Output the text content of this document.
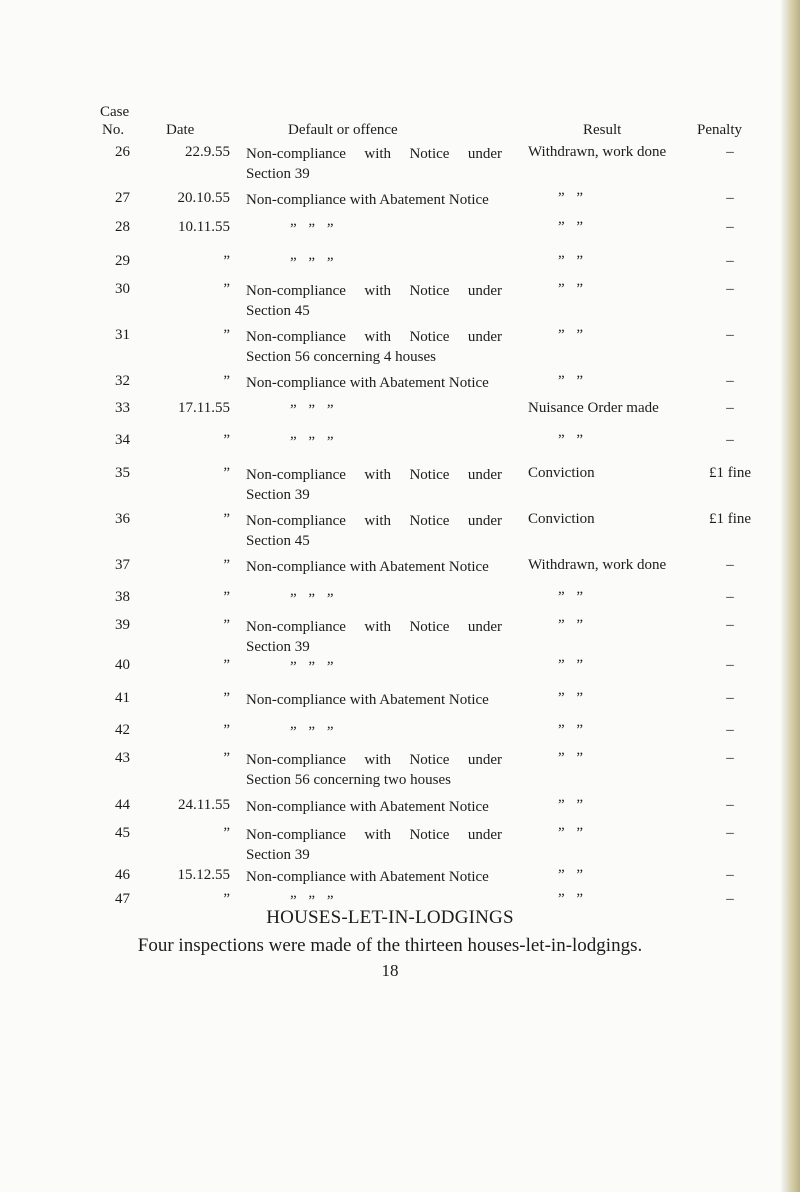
Case
No.	Date	Default or offence	Result	Penalty
26	22.9.55 Non-compliance with Notice under
Section 39
Withdrawn, work done	–
27	20.10.55 Non-compliance with Abatement Notice	” ”	–
28	10.11.55	” ” ”	” ”	–
29	”	” ” ”	” ”	–
30	” Non-compliance with Notice under
Section 45
” ”	–
31	” Non-compliance with Notice under
Section 56 concerning 4 houses
” ”	–
32	” Non-compliance with Abatement Notice	” ”	–
33	17.11.55	” ” ”	Nuisance Order made	–
34	”	” ” ”	” ”	–
35	” Non-compliance with Notice under
Section 39
Conviction	£1 fine
36	” Non-compliance with Notice under
Section 45
Conviction	£1 fine
37	” Non-compliance with Abatement Notice	Withdrawn, work done	–
38	”	” ” ”	” ”	–
39	” Non-compliance with Notice under
Section 39
” ”	–
40	”	” ” ”	” ”	–
41	” Non-compliance with Abatement Notice	” ”	–
42	”	” ” ”	” ”	–
43	” Non-compliance with Notice under
Section 56 concerning two houses
” ”	–
44	24.11.55 Non-compliance with Abatement Notice	” ”	–
45	” Non-compliance with Notice under
Section 39
” ”	–
46	15.12.55 Non-compliance with Abatement Notice	” ”	–
47	”	” ” ”	” ”	–
HOUSES-LET-IN-LODGINGS
Four inspections were made of the thirteen houses-let-in-lodgings.
18
